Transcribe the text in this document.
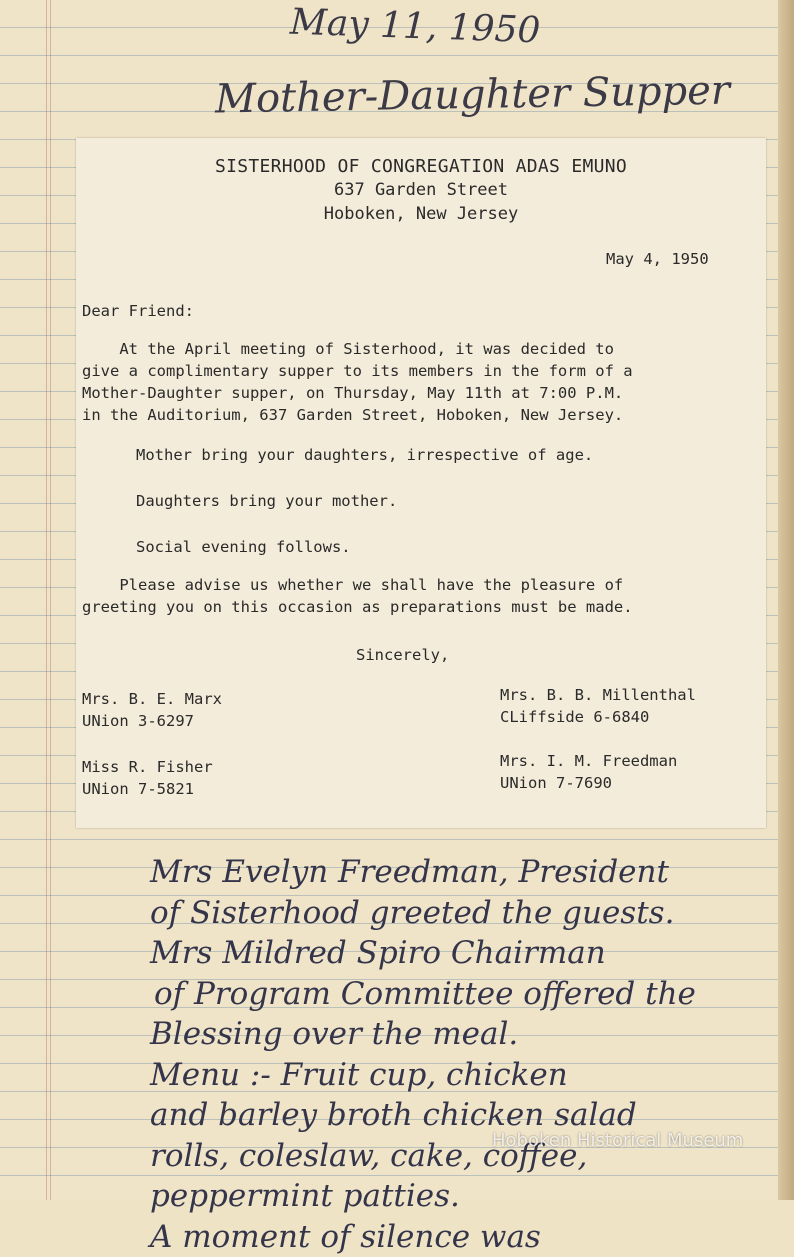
May 11, 1950
Mother-Daughter Supper
SISTERHOOD OF CONGREGATION ADAS EMUNO
637 Garden Street
Hoboken, New Jersey
May 4, 1950
Dear Friend:
At the April meeting of Sisterhood, it was decided to
give a complimentary supper to its members in the form of a
Mother-Daughter supper, on Thursday, May 11th at 7:00 P.M.
in the Auditorium, 637 Garden Street, Hoboken, New Jersey.
Mother bring your daughters, irrespective of age.
Daughters bring your mother.
Social evening follows.
Please advise us whether we shall have the pleasure of
greeting you on this occasion as preparations must be made.
Sincerely,
Mrs. B. E. Marx
UNion 3-6297
Mrs. B. B. Millenthal
CLiffside 6-6840
Miss R. Fisher
UNion 7-5821
Mrs. I. M. Freedman
UNion 7-7690
Mrs Evelyn Freedman, President
of Sisterhood greeted the guests.
Mrs Mildred Spiro Chairman
of Program Committee offered the
Blessing over the meal.
Menu :- Fruit cup, chicken
and barley broth chicken salad
rolls, coleslaw, cake, coffee,
peppermint patties.
A moment of silence was
Hoboken Historical Museum
